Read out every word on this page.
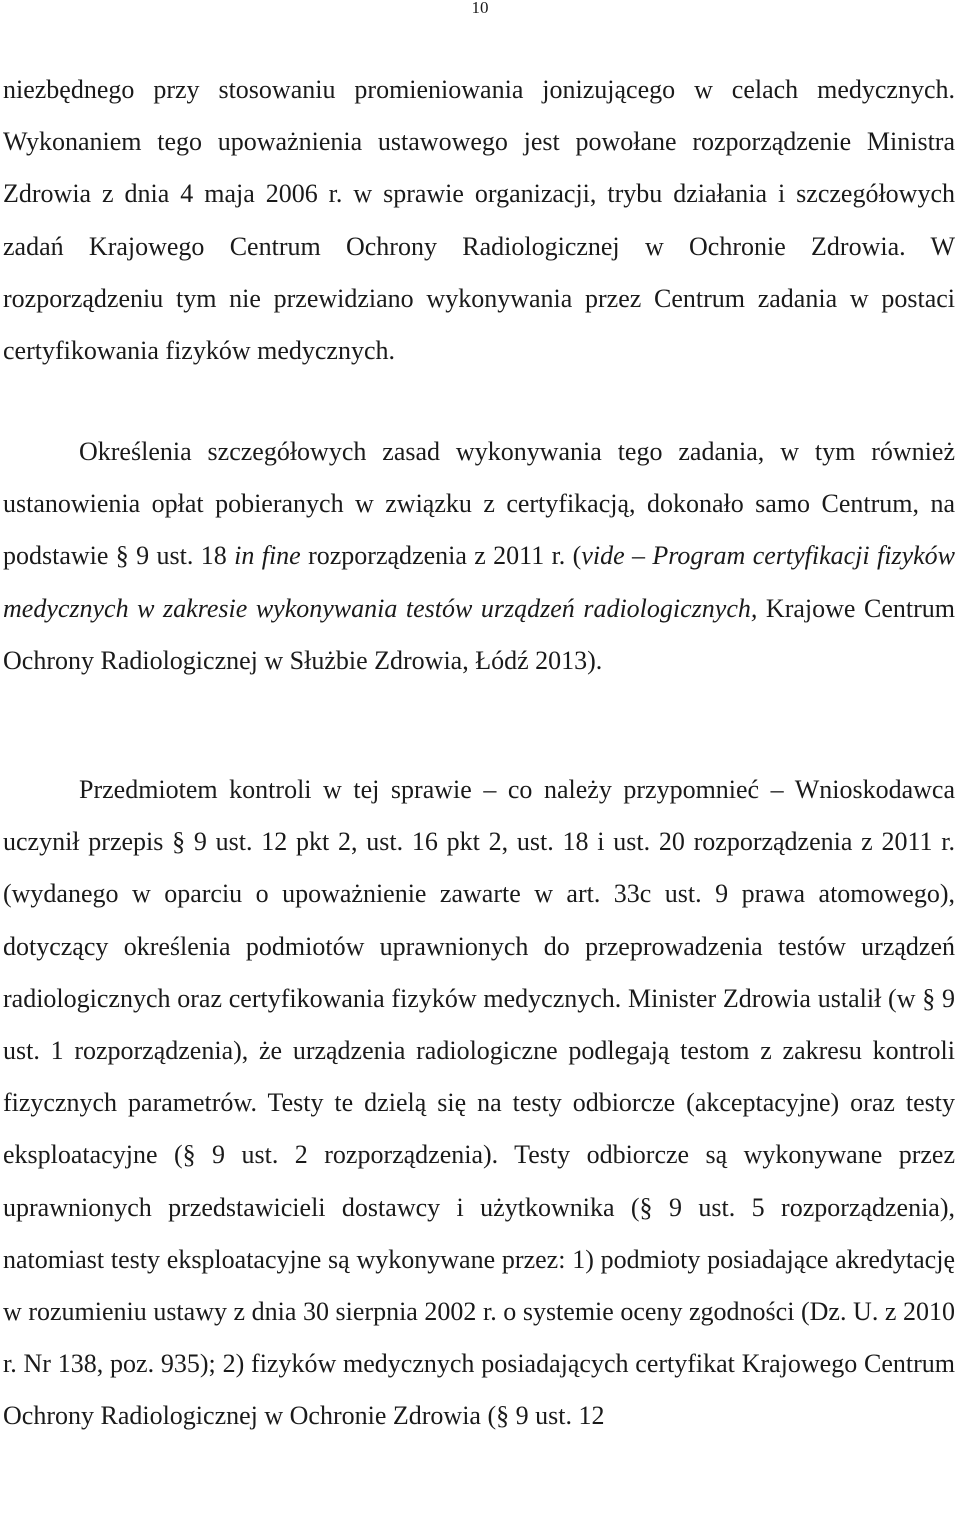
10

niezbędnego przy stosowaniu promieniowania jonizującego w celach medycznych. Wykonaniem tego upoważnienia ustawowego jest powołane rozporządzenie Ministra Zdrowia z dnia 4 maja 2006 r. w sprawie organizacji, trybu działania i szczegółowych zadań Krajowego Centrum Ochrony Radiologicznej w Ochronie Zdrowia. W rozporządzeniu tym nie przewidziano wykonywania przez Centrum zadania w postaci certyfikowania fizyków medycznych.

Określenia szczegółowych zasad wykonywania tego zadania, w tym również ustanowienia opłat pobieranych w związku z certyfikacją, dokonało samo Centrum, na podstawie § 9 ust. 18 in fine rozporządzenia z 2011 r. (vide – Program certyfikacji fizyków medycznych w zakresie wykonywania testów urządzeń radiologicznych, Krajowe Centrum Ochrony Radiologicznej w Służbie Zdrowia, Łódź 2013).

Przedmiotem kontroli w tej sprawie – co należy przypomnieć – Wnioskodawca uczynił przepis § 9 ust. 12 pkt 2, ust. 16 pkt 2, ust. 18 i ust. 20 rozporządzenia z 2011 r. (wydanego w oparciu o upoważnienie zawarte w art. 33c ust. 9 prawa atomowego), dotyczący określenia podmiotów uprawnionych do przeprowadzenia testów urządzeń radiologicznych oraz certyfikowania fizyków medycznych. Minister Zdrowia ustalił (w § 9 ust. 1 rozporządzenia), że urządzenia radiologiczne podlegają testom z zakresu kontroli fizycznych parametrów. Testy te dzielą się na testy odbiorcze (akceptacyjne) oraz testy eksploatacyjne (§ 9 ust. 2 rozporządzenia). Testy odbiorcze są wykonywane przez uprawnionych przedstawicieli dostawcy i użytkownika (§ 9 ust. 5 rozporządzenia), natomiast testy eksploatacyjne są wykonywane przez: 1) podmioty posiadające akredytację w rozumieniu ustawy z dnia 30 sierpnia 2002 r. o systemie oceny zgodności (Dz. U. z 2010 r. Nr 138, poz. 935); 2) fizyków medycznych posiadających certyfikat Krajowego Centrum Ochrony Radiologicznej w Ochronie Zdrowia (§ 9 ust. 12
